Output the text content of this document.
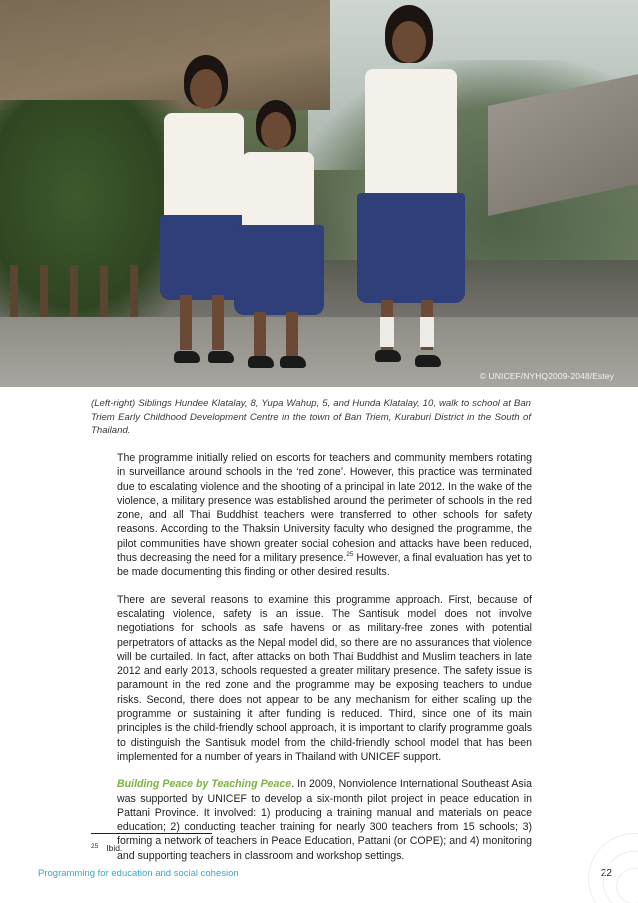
© UNICEF/NYHQ2009-2048/Estey
(Left-right) Siblings Hundee Klatalay, 8, Yupa Wahup, 5, and Hunda Klatalay, 10, walk to school at Ban Triem Early Childhood Development Centre in the town of Ban Triem, Kuraburi District in the South of Thailand.

The programme initially relied on escorts for teachers and community members rotating in surveillance around schools in the ‘red zone’. However, this practice was terminated due to escalating violence and the shooting of a principal in late 2012. In the wake of the violence, a military presence was established around the perimeter of schools in the red zone, and all Thai Buddhist teachers were transferred to other schools for safety reasons. According to the Thaksin University faculty who designed the programme, the pilot communities have shown greater social cohesion and attacks have been reduced, thus decreasing the need for a military presence.$^{25}$ However, a final evaluation has yet to be made documenting this finding or other desired results.

There are several reasons to examine this programme approach. First, because of escalating violence, safety is an issue. The Santisuk model does not involve negotiations for schools as safe havens or as military-free zones with potential perpetrators of attacks as the Nepal model did, so there are no assurances that violence will be curtailed. In fact, after attacks on both Thai Buddhist and Muslim teachers in late 2012 and early 2013, schools requested a greater military presence. The safety issue is paramount in the red zone and the programme may be exposing teachers to undue risks. Second, there does not appear to be any mechanism for either scaling up the programme or sustaining it after funding is reduced. Third, since one of its main principles is the child-friendly school approach, it is important to clarify programme goals to distinguish the Santisuk model from the child-friendly school model that has been implemented for a number of years in Thailand with UNICEF support.

Building Peace by Teaching Peace. In 2009, Nonviolence International Southeast Asia was supported by UNICEF to develop a six-month pilot project in peace education in Pattani Province. It involved: 1) producing a training manual and materials on peace education; 2) conducting teacher training for nearly 300 teachers from 15 schools; 3) forming a network of teachers in Peace Education, Pattani (or COPE); and 4) monitoring and supporting teachers in classroom and workshop settings.

$^{25}$ Ibid.
Programming for education and social cohesion	22
